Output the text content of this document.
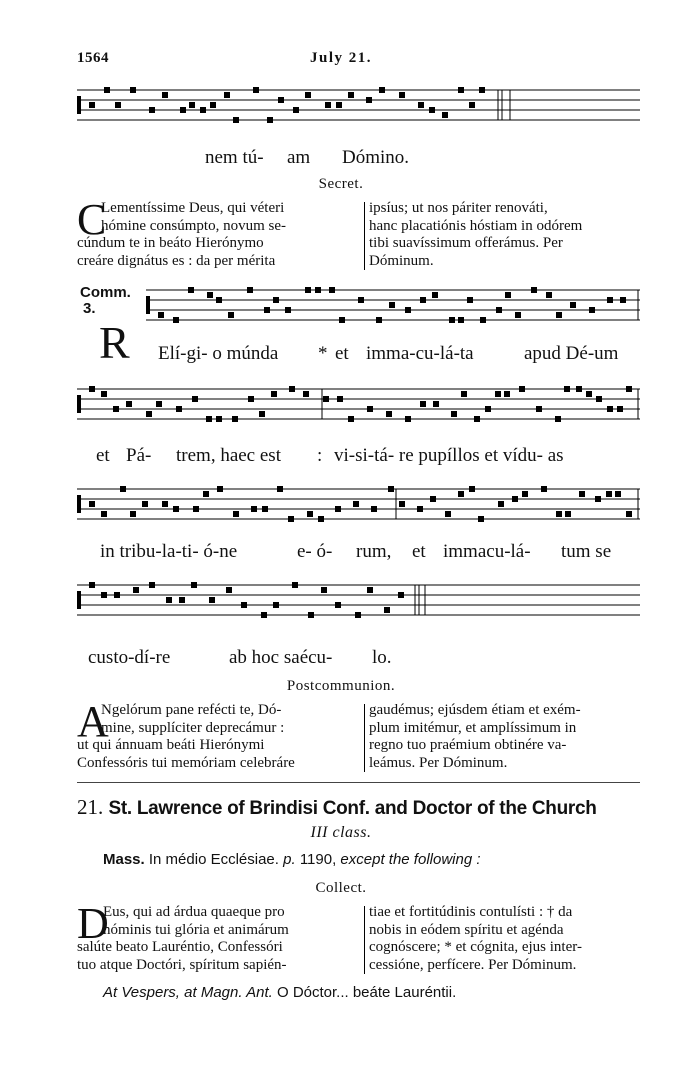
1564	July 21.
nem tú- am Dómino.
Secret.
C

Lementíssime Deus, qui véteri

hómine consúmpto, novum se-

cúndum te in beáto Hierónymo

creáre dignátus es : da per mérita

ipsíus; ut nos páriter renováti,

hanc placatiónis hóstiam in odórem

tibi suavíssimum offerámus. Per

Dóminum.

Comm.
3.
R Elí-gi- o múnda * et imma-cu-lá-ta	apud Dé-um
et Pá- trem, haec est : vi-si-tá- re pupíllos et vídu- as
in tribu-la-ti- ó-ne	e- ó- rum, et immacu-lá- tum se
custo-dí-re	ab hoc saécu- lo.
Postcommunion.
A

Ngelórum pane refécti te, Dó-

mine, supplíciter deprecámur :

ut qui ánnuam beáti Hierónymi

Confessóris tui memóriam celebráre

gaudémus; ejúsdem étiam et exém-

plum imitémur, et amplíssimum in

regno tuo praémium obtinére va-

leámus. Per Dóminum.

21. St. Lawrence of Brindisi Conf. and Doctor of the Church
III class.
Mass. In médio Ecclésiae. p. 1190, except the following :
Collect.
D

Eus, qui ad árdua quaeque pro

nóminis tui glória et animárum

salúte beato Lauréntio, Confessóri

tuo atque Doctóri, spíritum sapién-

tiae et fortitúdinis contulísti : † da

nobis in eódem spíritu et agénda

cognóscere; * et cógnita, ejus inter-

cessióne, perfícere. Per Dóminum.

At Vespers, at Magn. Ant. O Dóctor... beáte Lauréntii.
